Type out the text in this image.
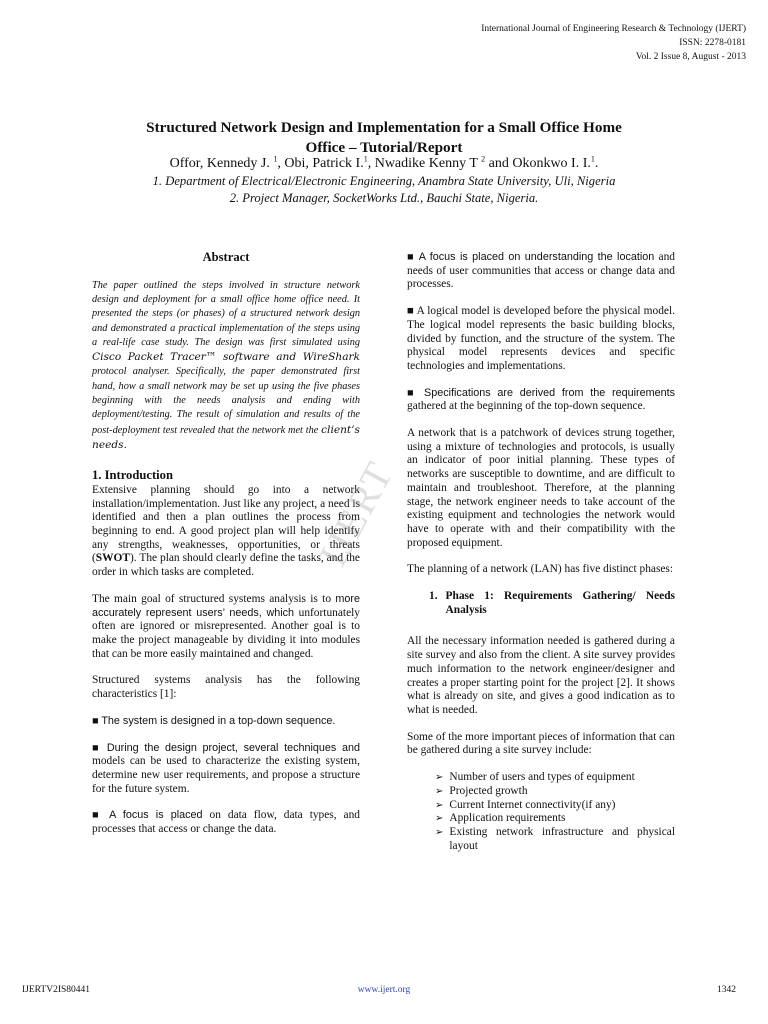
International Journal of Engineering Research & Technology (IJERT)
ISSN: 2278-0181
Vol. 2 Issue 8, August - 2013
Structured Network Design and Implementation for a Small Office Home
Office – Tutorial/Report
Offor, Kennedy J. $^1$, Obi, Patrick I.$^1$, Nwadike Kenny T $^2$ and Okonkwo I. I.$^1$.
1. Department of Electrical/Electronic Engineering, Anambra State University, Uli, Nigeria
2. Project Manager, SocketWorks Ltd., Bauchi State, Nigeria.
Abstract

The paper outlined the steps involved in structure network design and deployment for a small office home office need. It presented the steps (or phases) of a structured network design and demonstrated a practical implementation of the steps using a real-life case study. The design was first simulated using Cisco Packet Tracer™ software and WireShark protocol analyser. Specifically, the paper demonstrated first hand, how a small network may be set up using the five phases beginning with the needs analysis and ending with deployment/testing. The result of simulation and results of the post-deployment test revealed that the network met the client’s needs.

1. Introduction

Extensive planning should go into a network installation/implementation. Just like any project, a need is identified and then a plan outlines the process from beginning to end. A good project plan will help identify any strengths, weaknesses, opportunities, or threats (SWOT). The plan should clearly define the tasks, and the order in which tasks are completed.

The main goal of structured systems analysis is to more accurately represent users’ needs, which unfortunately often are ignored or misrepresented. Another goal is to make the project manageable by dividing it into modules that can be more easily maintained and changed.

Structured systems analysis has the following characteristics [1]:

■ The system is designed in a top-down sequence.

■ During the design project, several techniques and models can be used to characterize the existing system, determine new user requirements, and propose a structure for the future system.

■ A focus is placed on data flow, data types, and processes that access or change the data.

■ A focus is placed on understanding the location and needs of user communities that access or change data and processes.

■ A logical model is developed before the physical model. The logical model represents the basic building blocks, divided by function, and the structure of the system. The physical model represents devices and specific technologies and implementations.

■ Specifications are derived from the requirements gathered at the beginning of the top-down sequence.

A network that is a patchwork of devices strung together, using a mixture of technologies and protocols, is usually an indicator of poor initial planning. These types of networks are susceptible to downtime, and are difficult to maintain and troubleshoot. Therefore, at the planning stage, the network engineer needs to take account of the existing equipment and technologies the network would have to operate with and their compatibility with the proposed equipment.

The planning of a network (LAN) has five distinct phases:

1. Phase 1: Requirements Gathering/ Needs Analysis

All the necessary information needed is gathered during a site survey and also from the client. A site survey provides much information to the network engineer/designer and creates a proper starting point for the project [2]. It shows what is already on site, and gives a good indication as to what is needed.

Some of the more important pieces of information that can be gathered during a site survey include:

➢ Number of users and types of equipment
➢ Projected growth
➢ Current Internet connectivity(if any)
➢ Application requirements
➢ Existing network infrastructure and physical layout
IJERT
IJERTV2IS80441	www.ijert.org	1342
